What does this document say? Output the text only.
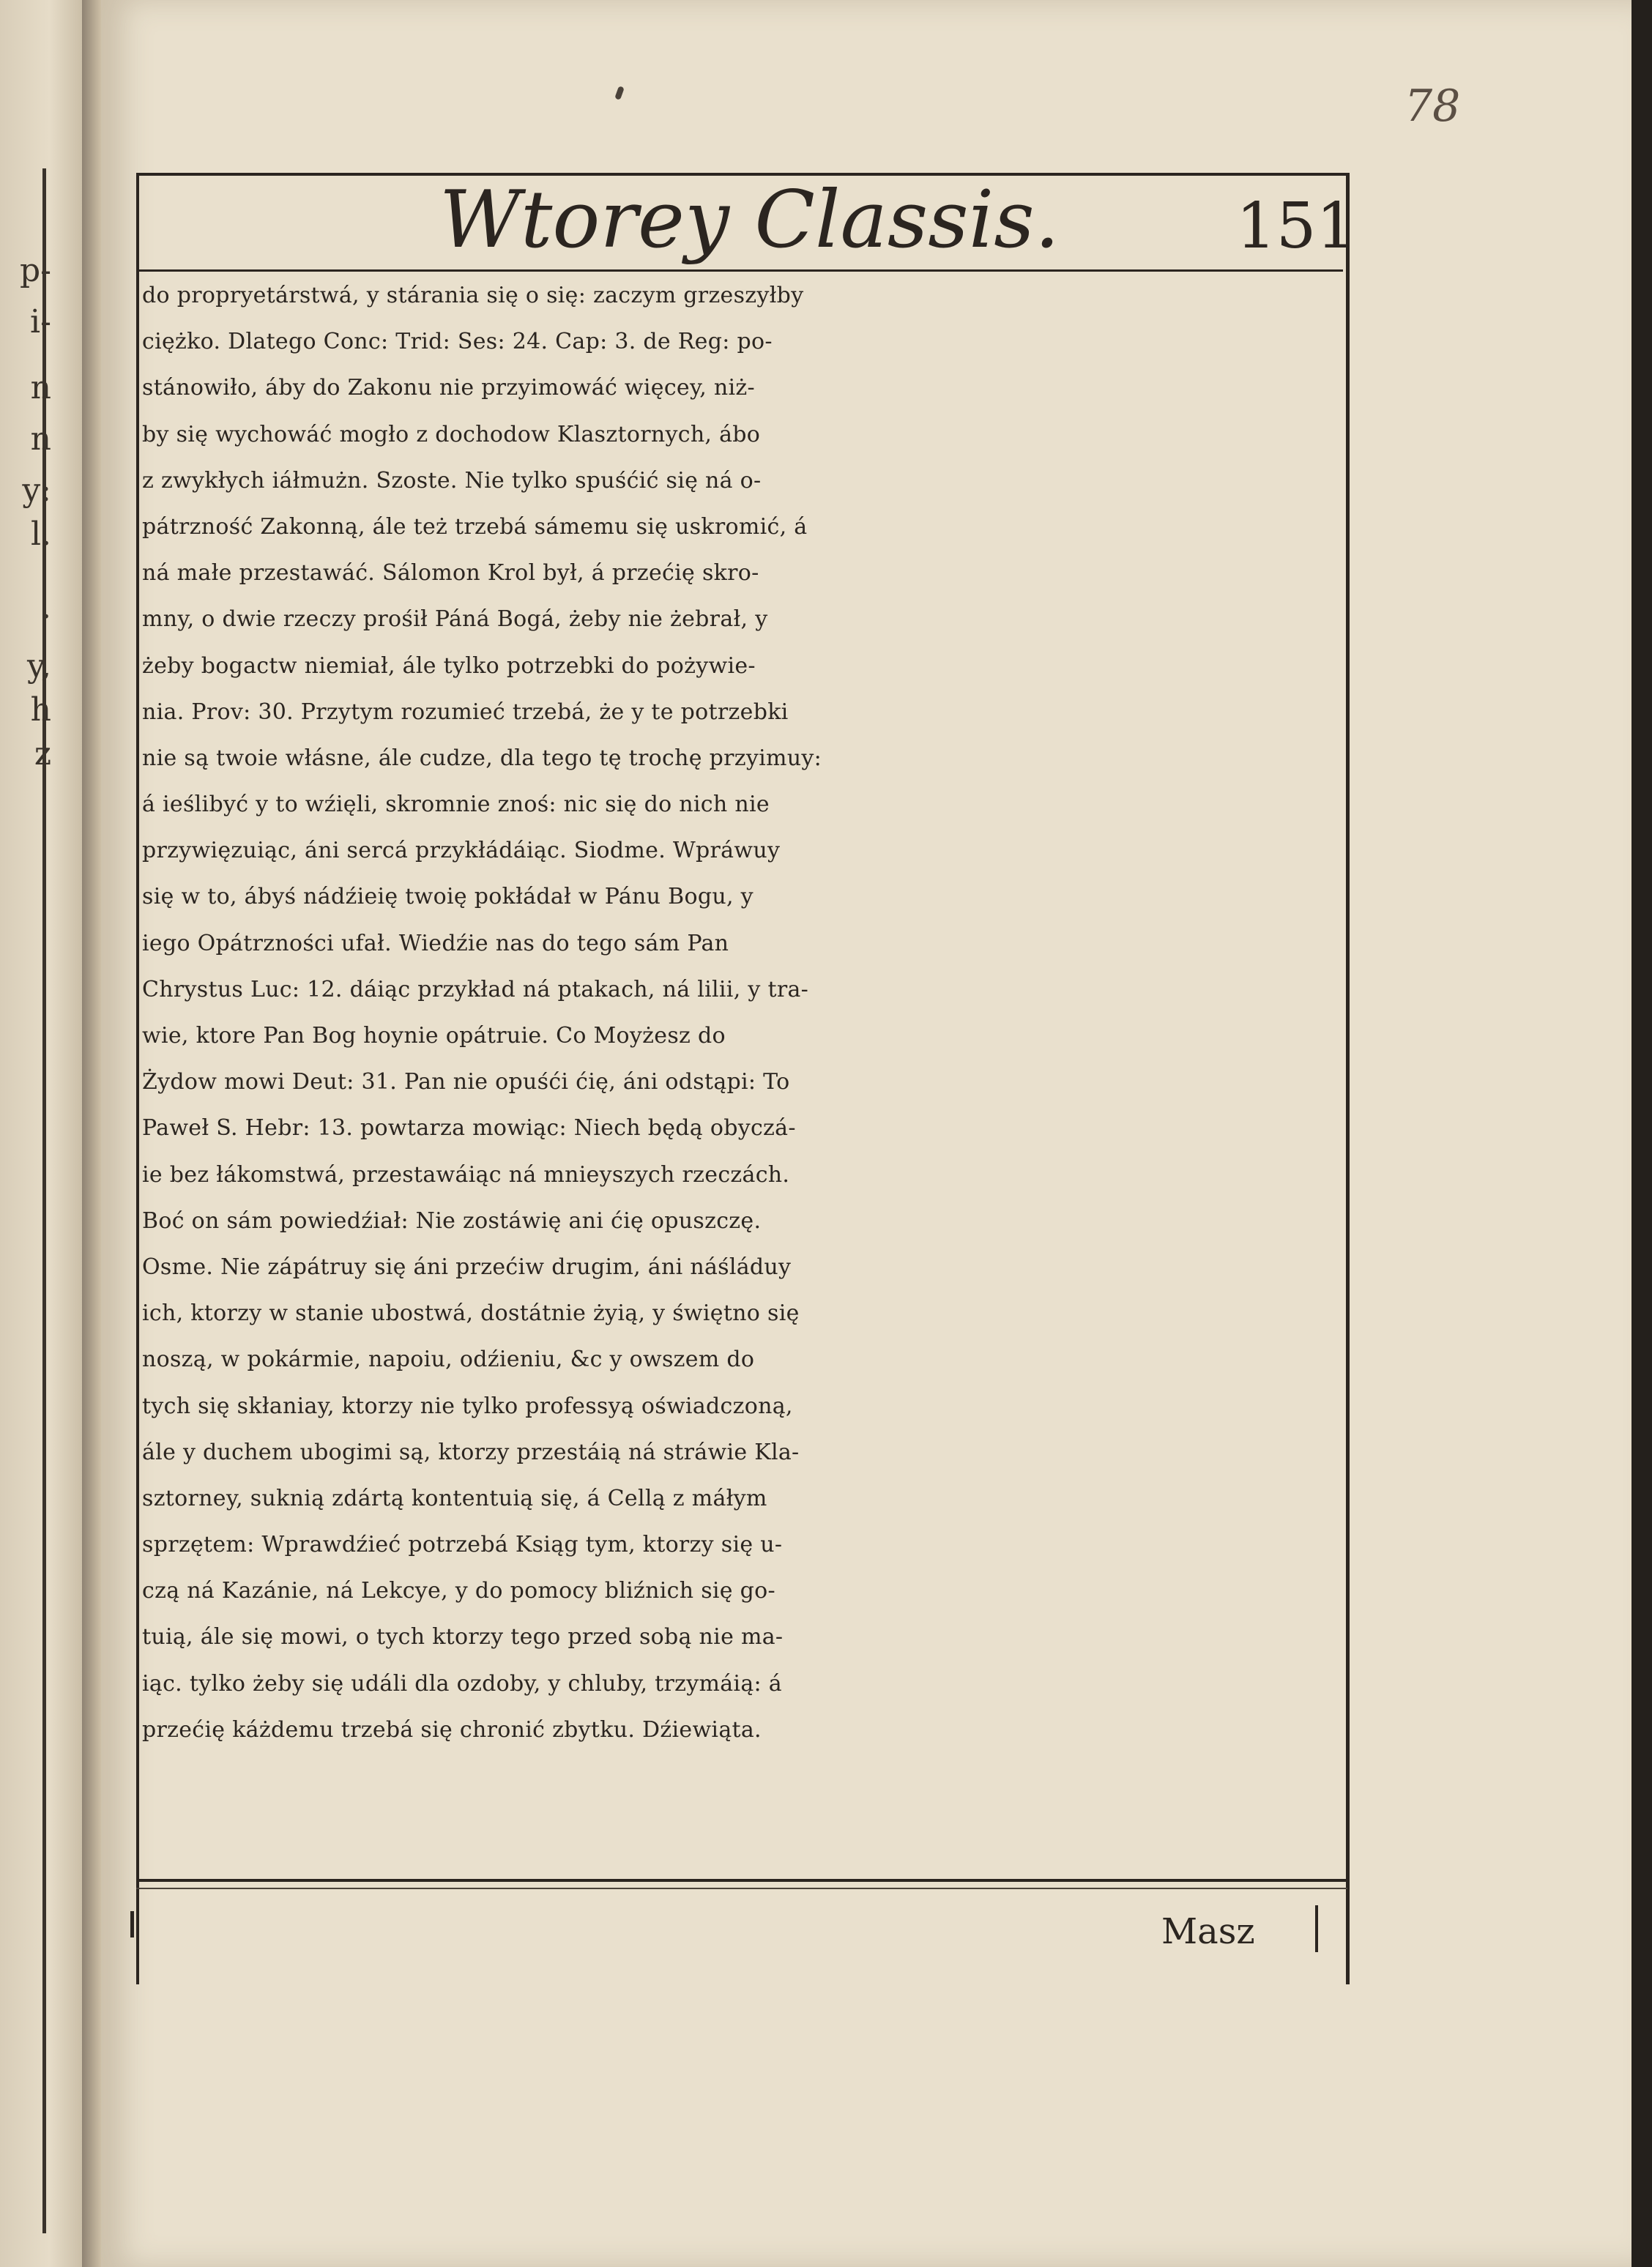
p-
i-
n
n
y:
l.
.
y,
h
z
78
Wtorey Classis.	151
do propryetárstwá, y stárania się o się: zaczym grzeszyłby
ciężko. Dlatego Conc: Trid: Ses: 24. Cap: 3. de Reg: po-
stánowiło, áby do Zakonu nie przyimowáć więcey, niż-
by się wychowáć mogło z dochodow Klasztornych, ábo
z zwykłych iáłmużn. Szoste. Nie tylko spuśćić się ná o-
pátrzność Zakonną, ále też trzebá sámemu się uskromić, á
ná małe przestawáć. Sálomon Krol był, á przećię skro-
mny, o dwie rzeczy prośił Páná Bogá, żeby nie żebrał, y
żeby bogactw niemiał, ále tylko potrzebki do pożywie-
nia. Prov: 30. Przytym rozumieć trzebá, że y te potrzebki
nie są twoie włásne, ále cudze, dla tego tę trochę przyimuy:
á ieślibyć y to wźięli, skromnie znoś: nic się do nich nie
przywięzuiąc, áni sercá przykłádáiąc. Siodme. Wpráwuy
się w to, ábyś nádźieię twoię pokłádał w Pánu Bogu, y
iego Opátrzności ufał. Wiedźie nas do tego sám Pan
Chrystus Luc: 12. dáiąc przykład ná ptakach, ná lilii, y tra-
wie, ktore Pan Bog hoynie opátruie. Co Moyżesz do
Żydow mowi Deut: 31. Pan nie opuśći ćię, áni odstąpi: To
Paweł S. Hebr: 13. powtarza mowiąc: Niech będą obyczá-
ie bez łákomstwá, przestawáiąc ná mnieyszych rzeczách.
Boć on sám powiedźiał: Nie zostáwię ani ćię opuszczę.
Osme. Nie zápátruy się áni przećiw drugim, áni náśláduy
ich, ktorzy w stanie ubostwá, dostátnie żyią, y świętno się
noszą, w pokármie, napoiu, odźieniu, &c y owszem do
tych się skłaniay, ktorzy nie tylko professyą oświadczoną,
ále y duchem ubogimi są, ktorzy przestáią ná stráwie Kla-
sztorney, suknią zdártą kontentuią się, á Cellą z máłym
sprzętem: Wprawdźieć potrzebá Ksiąg tym, ktorzy się u-
czą ná Kazánie, ná Lekcye, y do pomocy bliźnich się go-
tuią, ále się mowi, o tych ktorzy tego przed sobą nie ma-
iąc. tylko żeby się událi dla ozdoby, y chluby, trzymáią: á
przećię káżdemu trzebá się chronić zbytku. Dźiewiąta.
Masz
